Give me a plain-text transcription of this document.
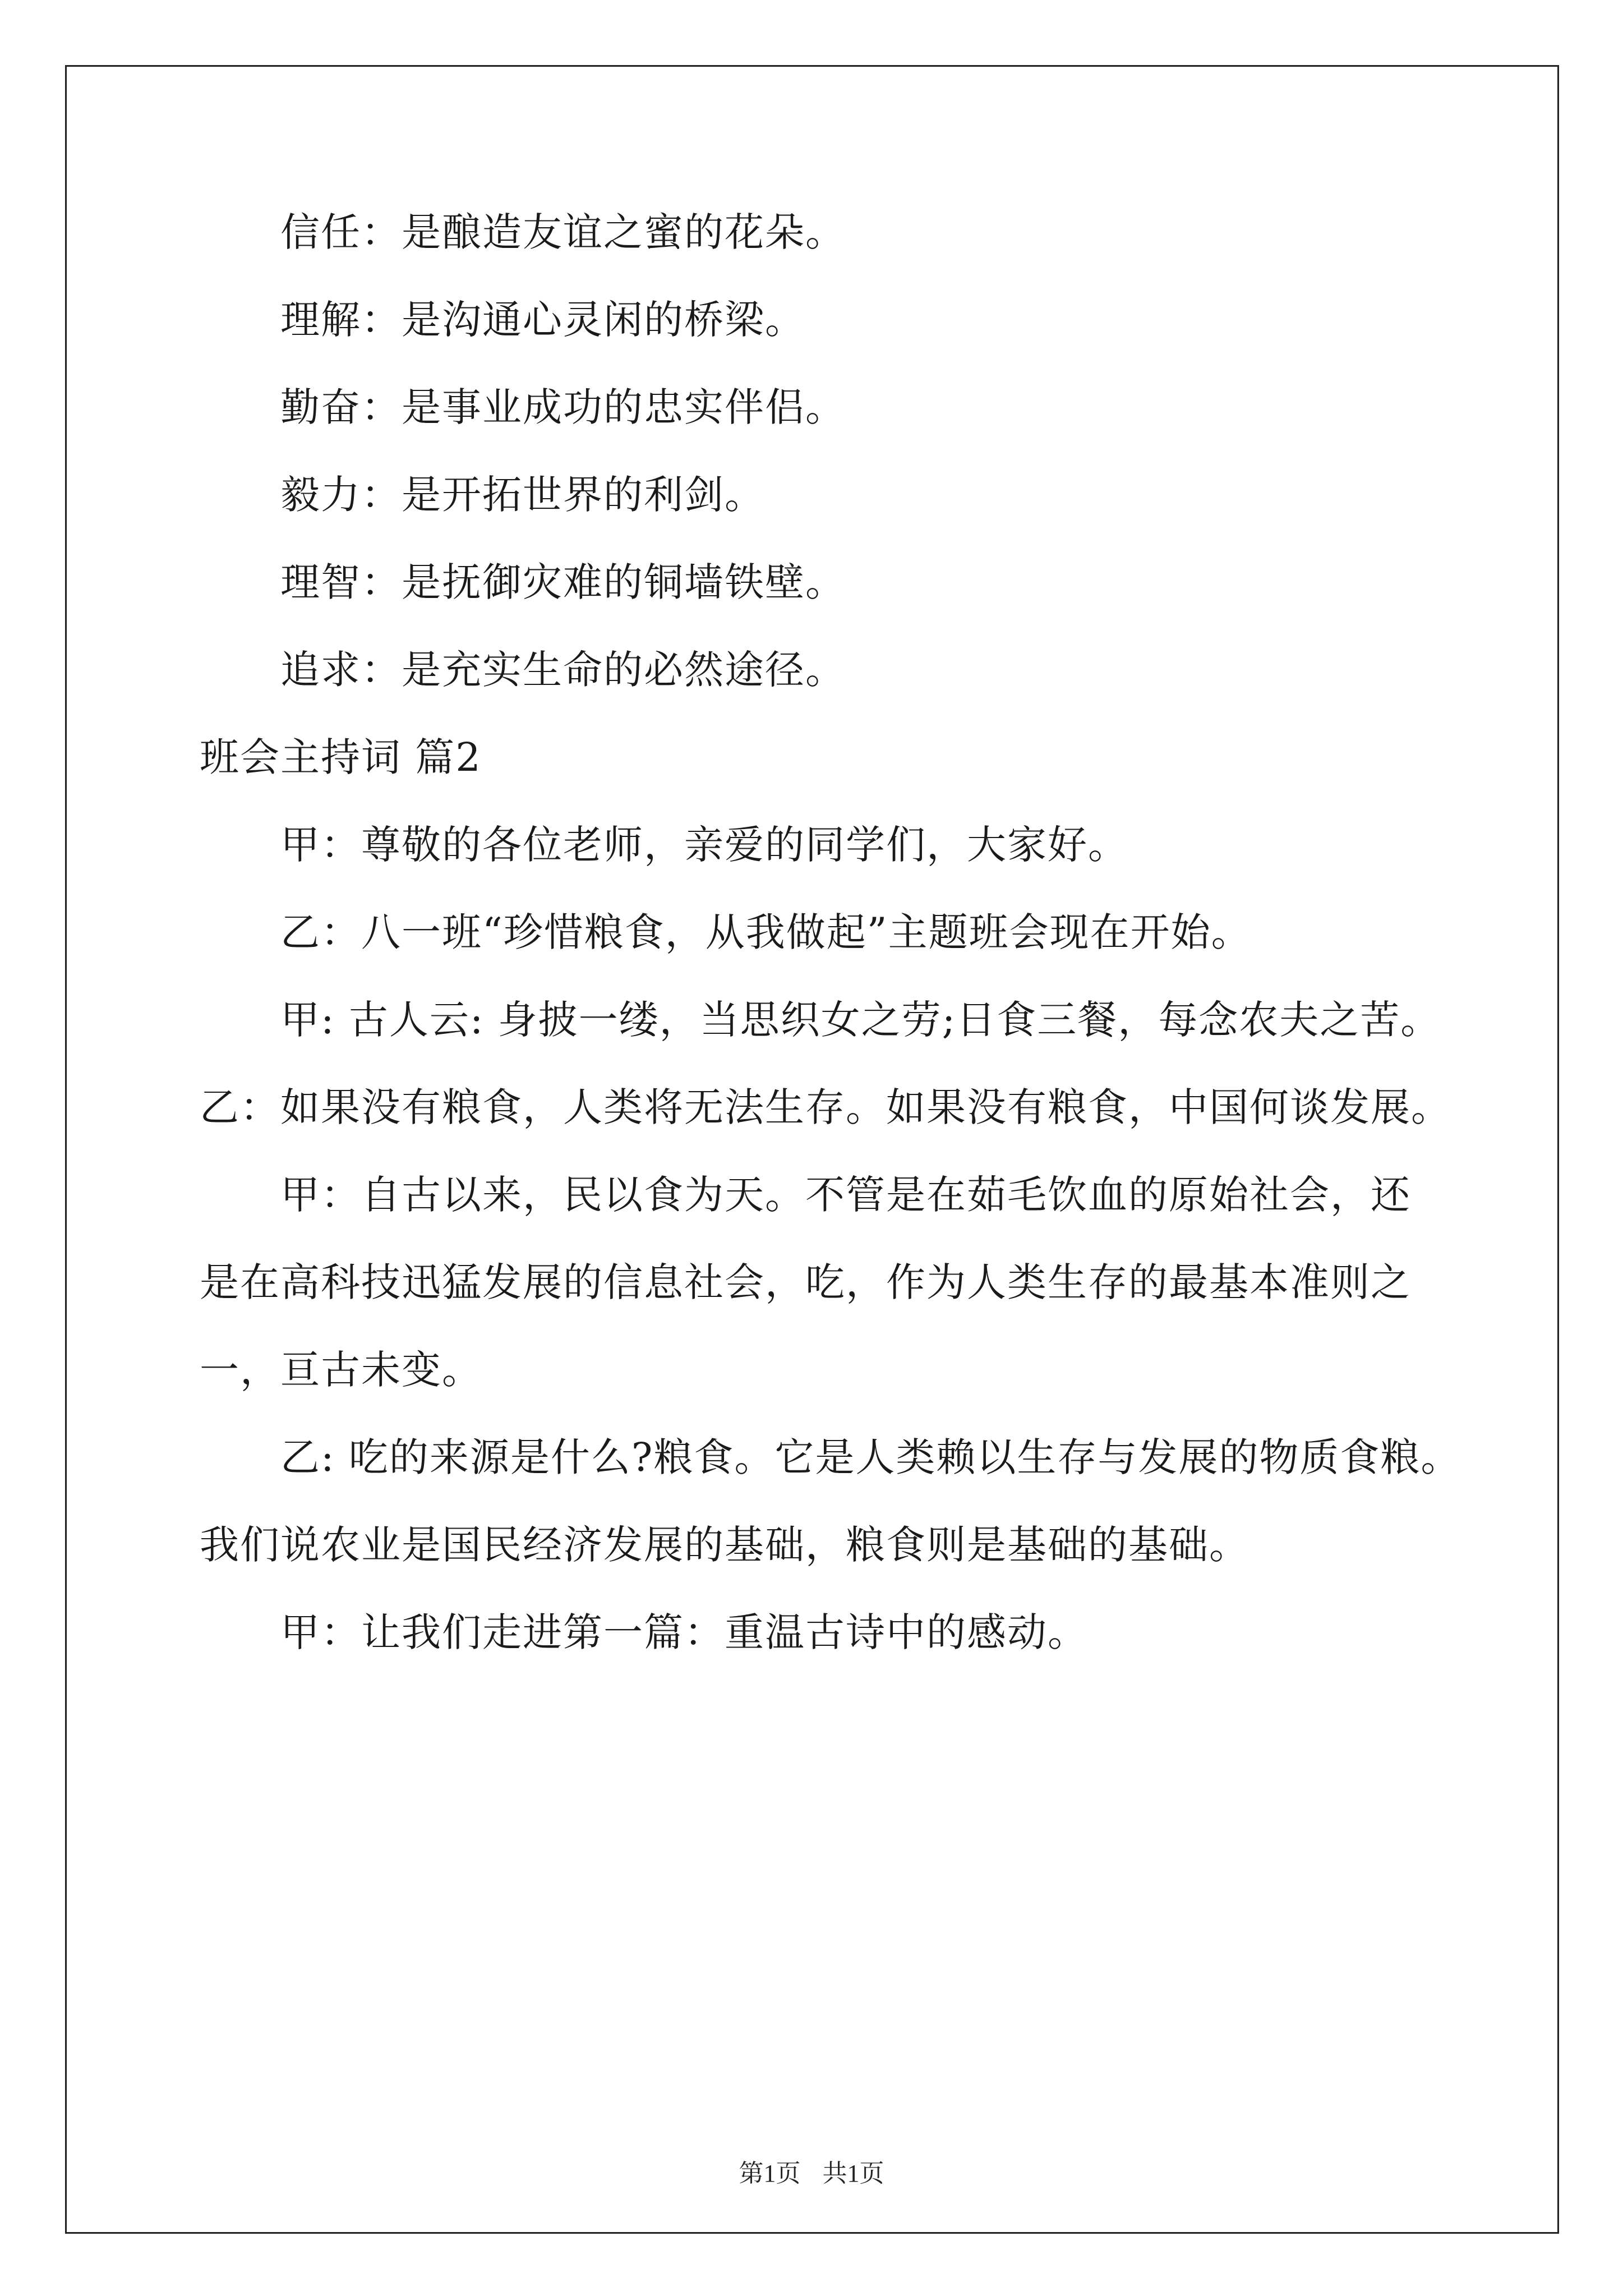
信任：是酿造友谊之蜜的花朵。
理解：是沟通心灵闲的桥梁。
勤奋：是事业成功的忠实伴侣。
毅力：是开拓世界的利剑。
理智：是抚御灾难的铜墙铁壁。
追求：是充实生命的必然途径。
班会主持词 篇2
甲：尊敬的各位老师，亲爱的同学们，大家好。
乙：八一班“珍惜粮食，从我做起”主题班会现在开始。
甲: 古人云: 身披一缕，当思织女之劳;日食三餐，每念农夫之苦。
乙：如果没有粮食，人类将无法生存。如果没有粮食，中国何谈发展。
甲：自古以来，民以食为天。不管是在茹毛饮血的原始社会，还
是在高科技迅猛发展的信息社会，吃，作为人类生存的最基本准则之
一，亘古未变。
乙: 吃的来源是什么?粮食。它是人类赖以生存与发展的物质食粮。
我们说农业是国民经济发展的基础，粮食则是基础的基础。
甲：让我们走进第一篇：重温古诗中的感动。
第1页 共1页
